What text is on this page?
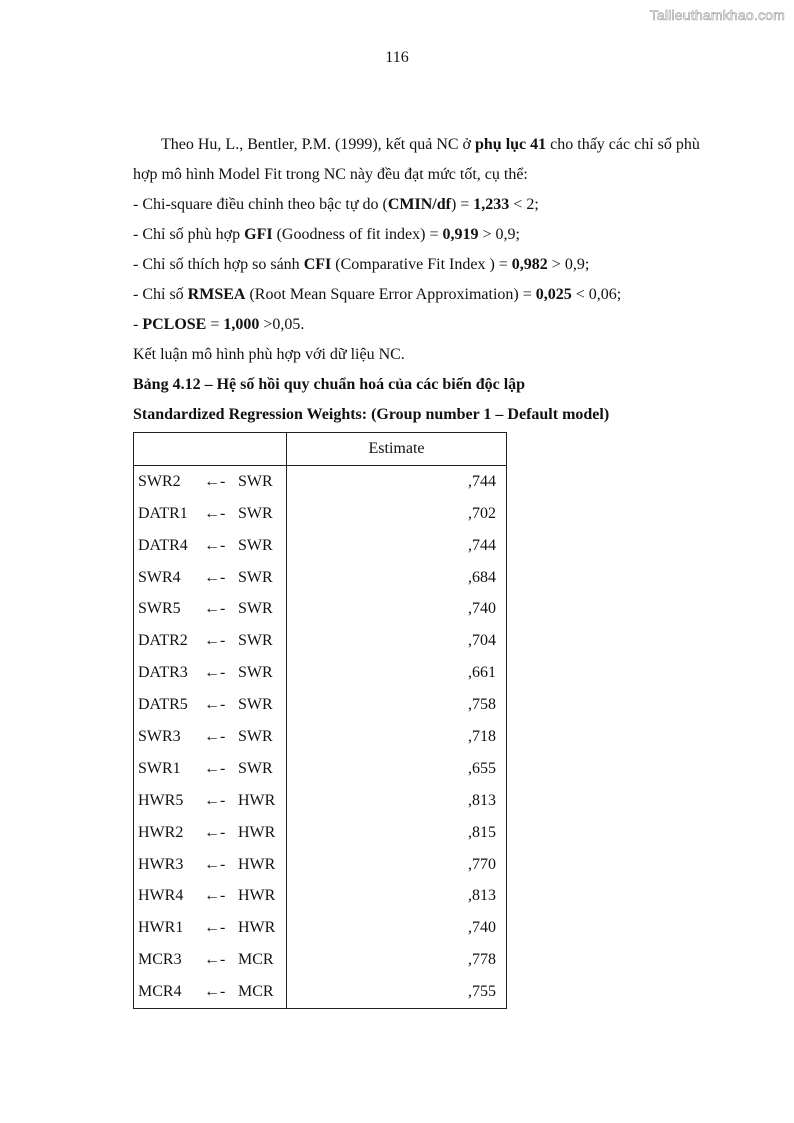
Tailieuthamkhao.com
116

Theo Hu, L., Bentler, P.M. (1999), kết quả NC ở phụ lục 41 cho thấy các chỉ số phù hợp mô hình Model Fit trong NC này đều đạt mức tốt, cụ thể:

- Chi-square điều chỉnh theo bậc tự do (CMIN/df) = 1,233 < 2;

- Chỉ số phù hợp GFI (Goodness of fit index) = 0,919 > 0,9;

- Chỉ số thích hợp so sánh CFI (Comparative Fit Index ) = 0,982 > 0,9;

- Chỉ số RMSEA (Root Mean Square Error Approximation) = 0,025 < 0,06;

- PCLOSE = 1,000 >0,05.

Kết luận mô hình phù hợp với dữ liệu NC.

Bảng 4.12 – Hệ số hồi quy chuẩn hoá của các biến độc lập

Standardized Regression Weights: (Group number 1 – Default model)

	Estimate
SWR2 ←- SWR	,744
DATR1 ←- SWR	,702
DATR4 ←- SWR	,744
SWR4 ←- SWR	,684
SWR5 ←- SWR	,740
DATR2 ←- SWR	,704
DATR3 ←- SWR	,661
DATR5 ←- SWR	,758
SWR3 ←- SWR	,718
SWR1 ←- SWR	,655
HWR5 ←- HWR	,813
HWR2 ←- HWR	,815
HWR3 ←- HWR	,770
HWR4 ←- HWR	,813
HWR1 ←- HWR	,740
MCR3 ←- MCR	,778
MCR4 ←- MCR	,755
